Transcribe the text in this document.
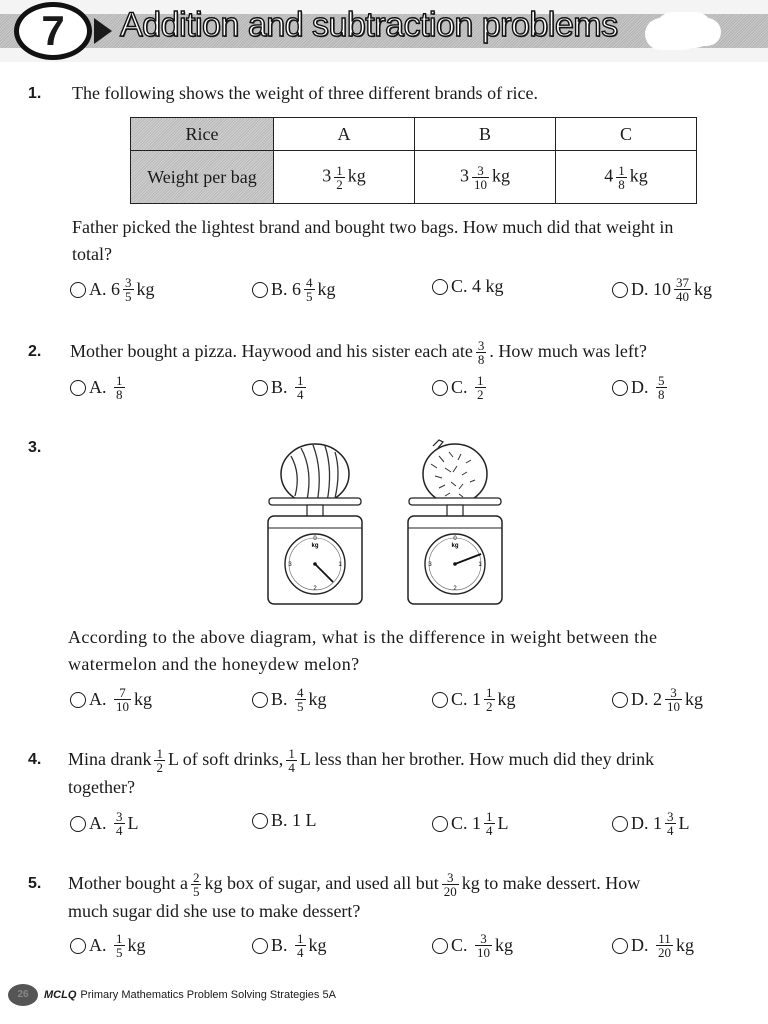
7	Addition and subtraction problems
1. The following shows the weight of three different brands of rice.
Rice	A	B	C
Weight per bag	$3 \frac{1}{2}$ kg	$3 \frac{3}{10}$ kg	$4 \frac{1}{8}$ kg
Father picked the lightest brand and bought two bags. How much did that weight in
total?
A.
$6 \frac{3}{5}$ kg	B.
$6 \frac{4}{5}$ kg	C.
4 kg	D.
$10 \frac{37}{40}$ kg
2. Mother bought a pizza. Haywood and his sister each ate $\frac{3}{8}$ . How much was left?
A.
$\frac{1}{8}$	B.
$\frac{1}{4}$	C.
$\frac{1}{2}$	D.
$\frac{5}{8}$
3.
0
kg
1
2
3
0
kg
1
2
3
According to the above diagram, what is the difference in weight between the
watermelon and the honeydew melon?
A.
$\frac{7}{10}$ kg	B.
$\frac{4}{5}$ kg	C.
$1 \frac{1}{2}$ kg	D.
$2 \frac{3}{10}$ kg
4. Mina drank $\frac{1}{2}$ L of soft drinks, $\frac{1}{4}$ L less than her brother. How much did they drink
together?
A.
$\frac{3}{4}$ L	B.
1 L	C.
$1 \frac{1}{4}$ L	D.
$1 \frac{3}{4}$ L
5. Mother bought a $\frac{2}{5}$ kg box of sugar, and used all but $\frac{3}{20}$ kg to make dessert. How
much sugar did she use to make dessert?
A.
$\frac{1}{5}$ kg	B.
$\frac{1}{4}$ kg	C.
$\frac{3}{10}$ kg	D.
$\frac{11}{20}$ kg
26	MCLQ Primary Mathematics Problem Solving Strategies 5A
